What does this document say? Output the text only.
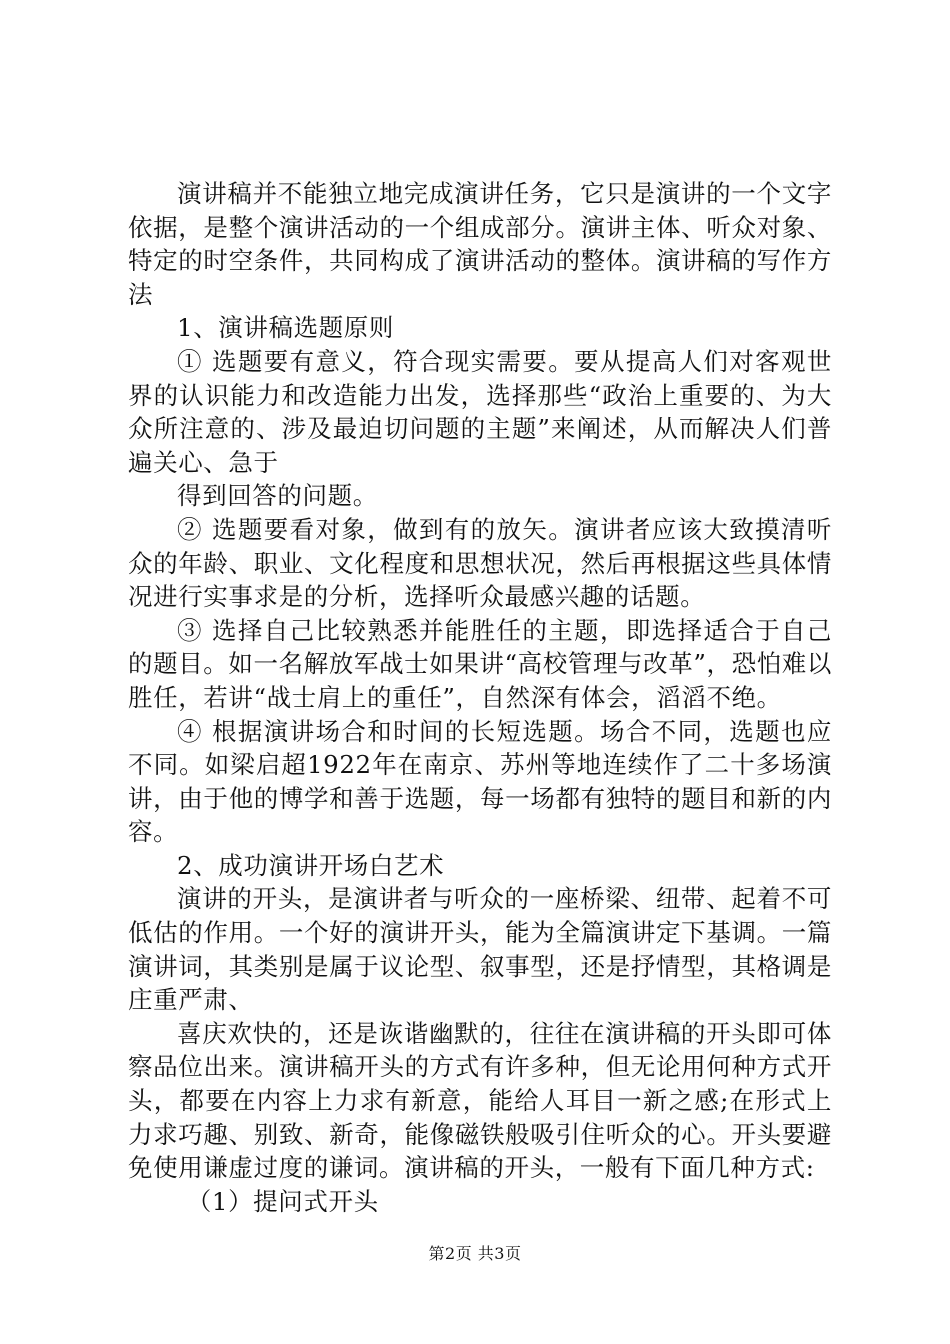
演讲稿并不能独立地完成演讲任务，它只是演讲的一个文字依据，是整个演讲活动的一个组成部分。演讲主体、听众对象、特定的时空条件，共同构成了演讲活动的整体。演讲稿的写作方法

1、演讲稿选题原则

① 选题要有意义，符合现实需要。要从提高人们对客观世界的认识能力和改造能力出发，选择那些“政治上重要的、为大众所注意的、涉及最迫切问题的主题”来阐述，从而解决人们普遍关心、急于

得到回答的问题。

② 选题要看对象，做到有的放矢。演讲者应该大致摸清听众的年龄、职业、文化程度和思想状况，然后再根据这些具体情况进行实事求是的分析，选择听众最感兴趣的话题。

③ 选择自己比较熟悉并能胜任的主题，即选择适合于自己的题目。如一名解放军战士如果讲“高校管理与改革”，恐怕难以胜任，若讲“战士肩上的重任”，自然深有体会，滔滔不绝。

④ 根据演讲场合和时间的长短选题。场合不同，选题也应不同。如梁启超1922年在南京、苏州等地连续作了二十多场演讲，由于他的博学和善于选题，每一场都有独特的题目和新的内容。

2、成功演讲开场白艺术

演讲的开头，是演讲者与听众的一座桥梁、纽带、起着不可低估的作用。一个好的演讲开头，能为全篇演讲定下基调。一篇演讲词，其类别是属于议论型、叙事型，还是抒情型，其格调是庄重严肃、

喜庆欢快的，还是诙谐幽默的，往往在演讲稿的开头即可体察品位出来。演讲稿开头的方式有许多种，但无论用何种方式开头，都要在内容上力求有新意，能给人耳目一新之感;在形式上力求巧趣、别致、新奇，能像磁铁般吸引住听众的心。开头要避免使用谦虚过度的谦词。演讲稿的开头，一般有下面几种方式:

（1）提问式开头

第2页 共3页
